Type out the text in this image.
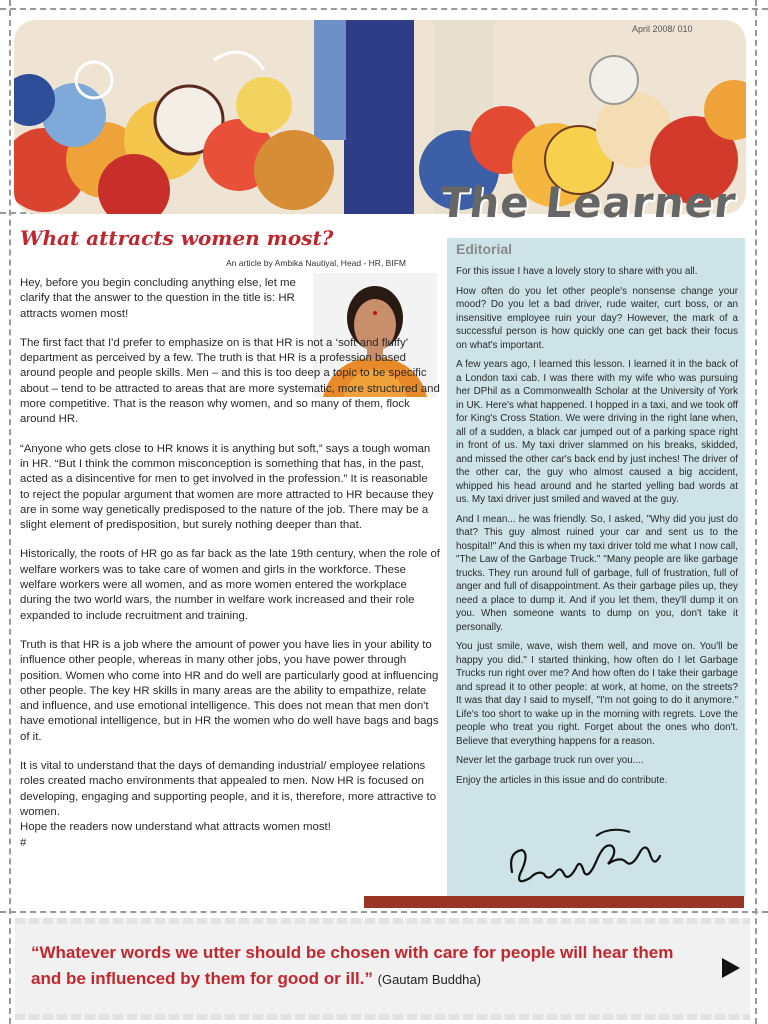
April 2008/ 010
The Learner
What attracts women most?
An article by Ambika Nautiyal, Head - HR, BIFM

Hey, before you begin concluding anything else, let me clarify that the answer to the question in the title is: HR attracts women most!

The first fact that I'd prefer to emphasize on is that HR is not a ‘soft and fluffy’ department as perceived by a few. The truth is that HR is a profession based around people and people skills. Men – and this is too deep a topic to be specific about – tend to be attracted to areas that are more systematic, more structured and more competitive. That is the reason why women, and so many of them, flock around HR.

“Anyone who gets close to HR knows it is anything but soft,” says a tough woman in HR. “But I think the common misconception is something that has, in the past, acted as a disincentive for men to get involved in the profession.” It is reasonable to reject the popular argument that women are more attracted to HR because they are in some way genetically predisposed to the nature of the job. There may be a slight element of predisposition, but surely nothing deeper than that.

Historically, the roots of HR go as far back as the late 19th century, when the role of welfare workers was to take care of women and girls in the workforce. These welfare workers were all women, and as more women entered the workplace during the two world wars, the number in welfare work increased and their role expanded to include recruitment and training.

Truth is that HR is a job where the amount of power you have lies in your ability to influence other people, whereas in many other jobs, you have power through position. Women who come into HR and do well are particularly good at influencing other people. The key HR skills in many areas are the ability to empathize, relate and influence, and use emotional intelligence. This does not mean that men don't have emotional intelligence, but in HR the women who do well have bags and bags of it.

It is vital to understand that the days of demanding industrial/ employee relations roles created macho environments that appealed to men. Now HR is focused on developing, engaging and supporting people, and it is, therefore, more attractive to women.

Hope the readers now understand what attracts women most!

#

Editorial

For this issue I have a lovely story to share with you all.

How often do you let other people's nonsense change your mood? Do you let a bad driver, rude waiter, curt boss, or an insensitive employee ruin your day? However, the mark of a successful person is how quickly one can get back their focus on what's important.

A few years ago, I learned this lesson. I learned it in the back of a London taxi cab. I was there with my wife who was pursuing her DPhil as a Commonwealth Scholar at the University of York in UK. Here's what happened. I hopped in a taxi, and we took off for King's Cross Station. We were driving in the right lane when, all of a sudden, a black car jumped out of a parking space right in front of us. My taxi driver slammed on his breaks, skidded, and missed the other car's back end by just inches! The driver of the other car, the guy who almost caused a big accident, whipped his head around and he started yelling bad words at us. My taxi driver just smiled and waved at the guy.

And I mean... he was friendly. So, I asked, "Why did you just do that? This guy almost ruined your car and sent us to the hospital!" And this is when my taxi driver told me what I now call, "The Law of the Garbage Truck." "Many people are like garbage trucks. They run around full of garbage, full of frustration, full of anger and full of disappointment. As their garbage piles up, they need a place to dump it. And if you let them, they'll dump it on you. When someone wants to dump on you, don't take it personally.

You just smile, wave, wish them well, and move on. You'll be happy you did." I started thinking, how often do I let Garbage Trucks run right over me? And how often do I take their garbage and spread it to other people: at work, at home, on the streets? It was that day I said to myself, "I'm not going to do it anymore." Life's too short to wake up in the morning with regrets. Love the people who treat you right. Forget about the ones who don't. Believe that everything happens for a reason.

Never let the garbage truck run over you....

Enjoy the articles in this issue and do contribute.

“Whatever words we utter should be chosen with care for people will hear them and be influenced by them for good or ill.” (Gautam Buddha)
